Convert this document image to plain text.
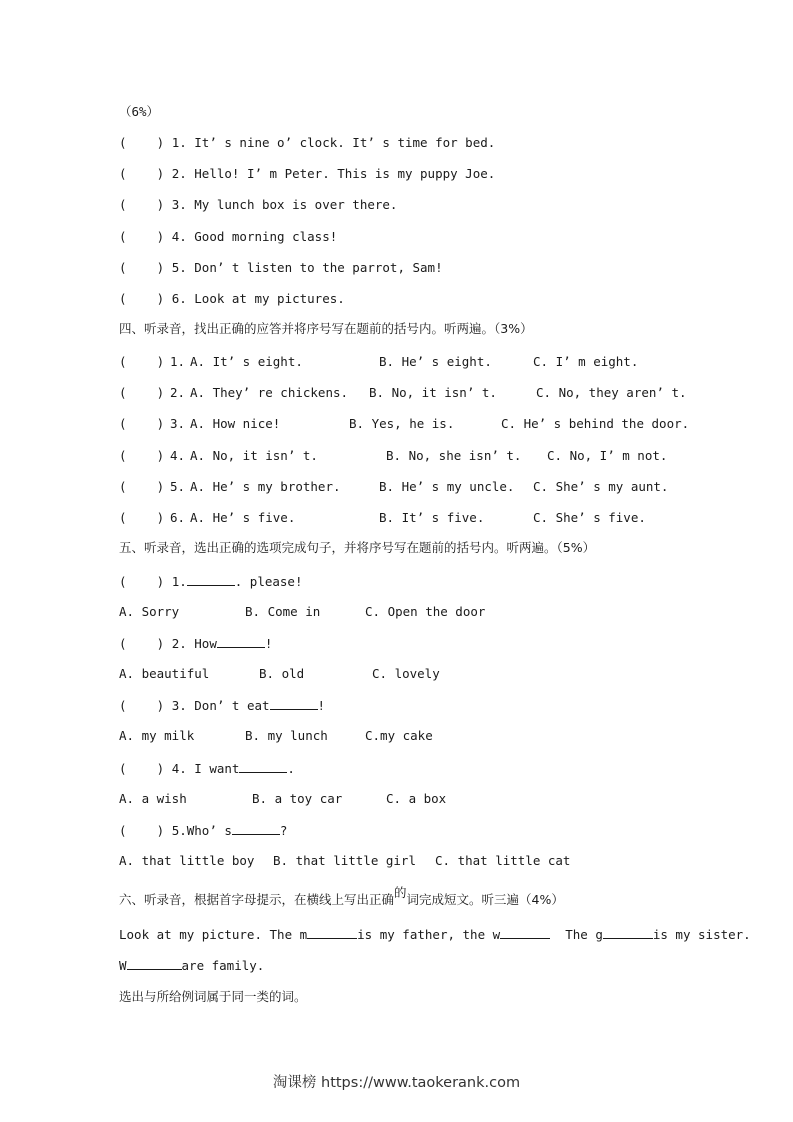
（6%）
(    ) 1. It’ s nine o’ clock. It’ s time for bed.
(    ) 2. Hello! I’ m Peter. This is my puppy Joe.
(    ) 3. My lunch box is over there.
(    ) 4. Good morning class!
(    ) 5. Don’ t listen to the parrot, Sam!
(    ) 6. Look at my pictures.
四、听录音，找出正确的应答并将序号写在题前的括号内。听两遍。（3%）
(    ) 1. A. It’ s eight.	B. He’ s eight.	C. I’ m eight.
(    ) 2. A. They’ re chickens. B. No, it isn’ t.	C. No, they aren’ t.
(    ) 3. A. How nice!	B. Yes, he is.	C. He’ s behind the door.
(    ) 4. A. No, it isn’ t.	B. No, she isn’ t. C. No, I’ m not.
(    ) 5. A. He’ s my brother.	B. He’ s my uncle. C. She’ s my aunt.
(    ) 6. A. He’ s five.	B. It’ s five.	C. She’ s five.
五、听录音，选出正确的选项完成句子，并将序号写在题前的括号内。听两遍。（5%）
(    ) 1.	. please!
A. Sorry	B. Come in	C. Open the door
(    ) 2. How	!
A. beautiful	B. old	C. lovely
(    ) 3. Don’ t eat	!
A. my milk	B. my lunch	C.my cake
(    ) 4. I want	.
A. a wish	B. a toy car	C. a box
(    ) 5.Who’ s	?
A. that little boy B. that little girl C. that little cat
六、听录音，根据首字母提示，在横线上写出正确的词完成短文。听三遍（4%）
Look at my picture. The m	is my father, the w	The g	is my sister.
W	are family.
选出与所给例词属于同一类的词。
淘课榜 https://www.taokerank.com
